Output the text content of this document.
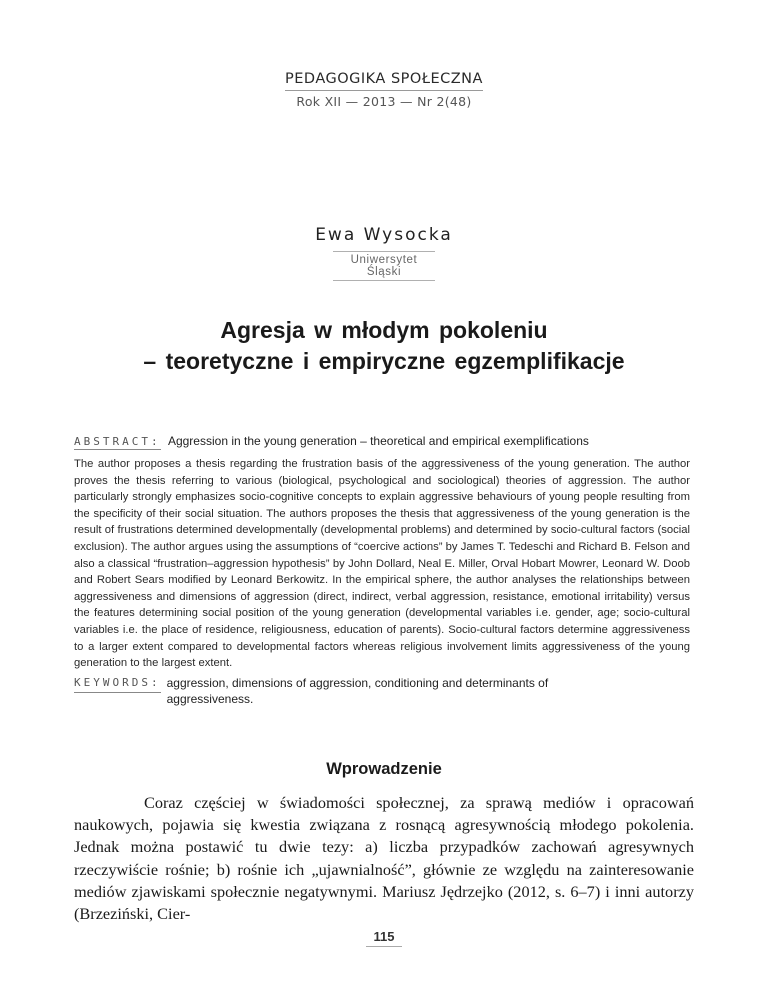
PEDAGOGIKA SPOŁECZNA
Rok XII — 2013 — Nr 2(48)
Ewa Wysocka
Uniwersytet Śląski
Agresja w młodym pokoleniu
– teoretyczne i empiryczne egzemplifikacje
ABSTRACT: Aggression in the young generation – theoretical and empirical exemplifications
The author proposes a thesis regarding the frustration basis of the aggressiveness of the young generation. The author proves the thesis referring to various (biological, psychological and sociological) theories of aggression. The author particularly strongly emphasizes socio-cognitive concepts to explain aggressive behaviours of young people resulting from the specificity of their social situation. The authors proposes the thesis that aggressiveness of the young generation is the result of frustrations determined developmentally (developmental problems) and determined by socio-cultural factors (social exclusion). The author argues using the assumptions of “coercive actions” by James T. Tedeschi and Richard B. Felson and also a classical “frustration–aggression hypothesis” by John Dollard, Neal E. Miller, Orval Hobart Mowrer, Leonard W. Doob and Robert Sears modified by Leonard Berkowitz. In the empirical sphere, the author analyses the relationships between aggressiveness and dimensions of aggression (direct, indirect, verbal aggression, resistance, emotional irritability) versus the features determining social position of the young generation (developmental variables i.e. gender, age; socio-cultural variables i.e. the place of residence, religiousness, education of parents). Socio-cultural factors determine aggressiveness to a larger extent compared to developmental factors whereas religious involvement limits aggressiveness of the young generation to the largest extent.
KEYWORDS: aggression, dimensions of aggression, conditioning and determinants of aggressiveness.
Wprowadzenie
Coraz częściej w świadomości społecznej, za sprawą mediów i opracowań naukowych, pojawia się kwestia związana z rosnącą agresywnością młodego pokolenia. Jednak można postawić tu dwie tezy: a) liczba przypadków zachowań agresywnych rzeczywiście rośnie; b) rośnie ich „ujawnialność”, głównie ze względu na zainteresowanie mediów zjawiskami społecznie negatywnymi. Mariusz Jędrzejko (2012, s. 6–7) i inni autorzy (Brzeziński, Cier-
115
